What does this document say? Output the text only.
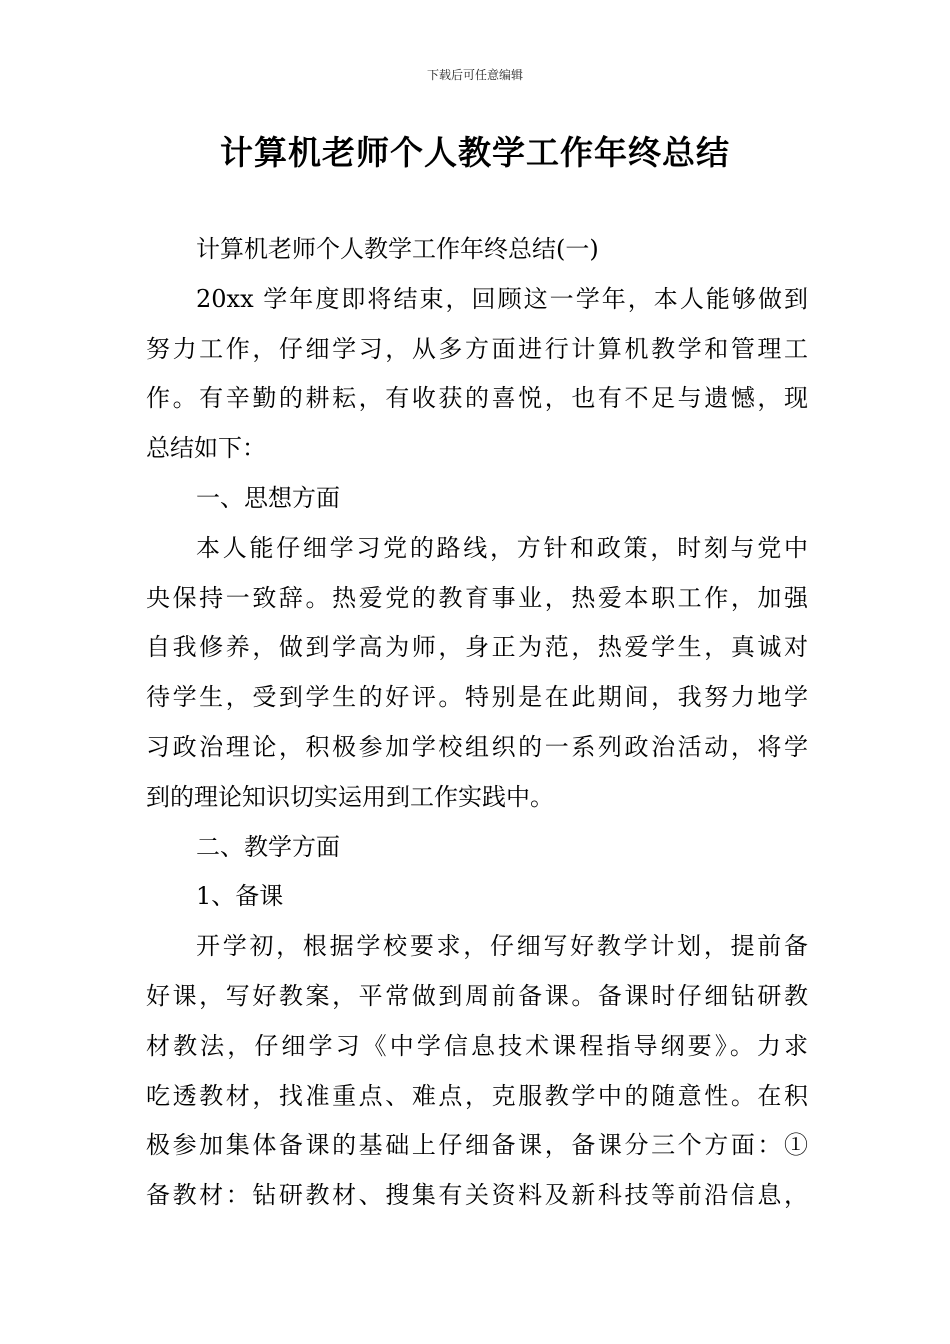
下载后可任意编辑
计算机老师个人教学工作年终总结
计算机老师个人教学工作年终总结(一)
20xx 学年度即将结束，回顾这一学年，本人能够做到
努力工作，仔细学习，从多方面进行计算机教学和管理工
作。有辛勤的耕耘，有收获的喜悦，也有不足与遗憾，现
总结如下：
一、思想方面
本人能仔细学习党的路线，方针和政策，时刻与党中
央保持一致辞。热爱党的教育事业，热爱本职工作，加强
自我修养，做到学高为师，身正为范，热爱学生，真诚对
待学生，受到学生的好评。特别是在此期间，我努力地学
习政治理论，积极参加学校组织的一系列政治活动，将学
到的理论知识切实运用到工作实践中。
二、教学方面
1、备课
开学初，根据学校要求，仔细写好教学计划，提前备
好课，写好教案，平常做到周前备课。备课时仔细钻研教
材教法，仔细学习《中学信息技术课程指导纲要》。力求
吃透教材，找准重点、难点，克服教学中的随意性。在积
极参加集体备课的基础上仔细备课，备课分三个方面：①
备教材：钻研教材、搜集有关资料及新科技等前沿信息，
